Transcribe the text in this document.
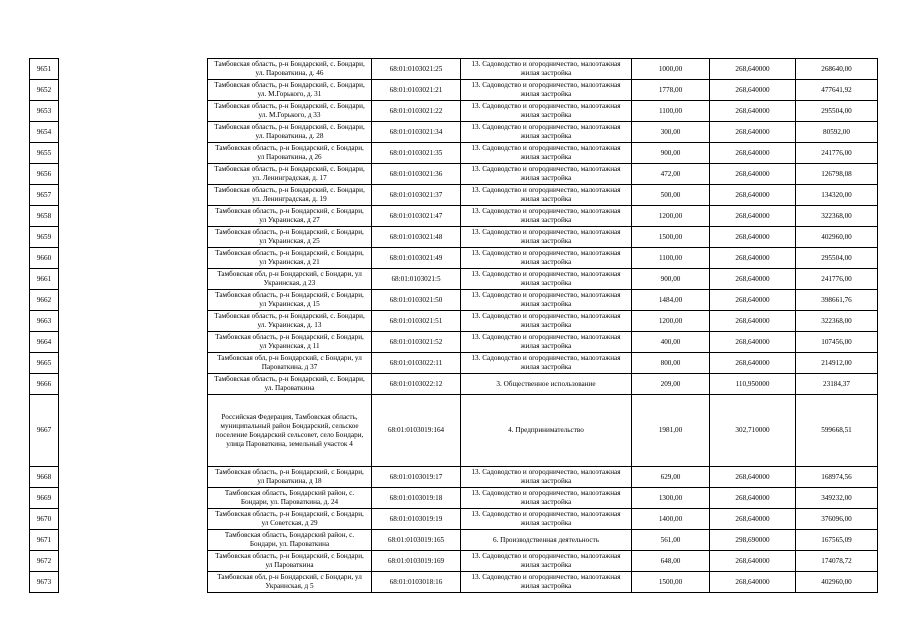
9651		Тамбовская область, р-н Бондарский, с. Бондари, ул. Пароваткина, д. 46	68:01:0103021:25	13. Садоводство и огородничество, малоэтажная жилая застройка	1000,00	268,640000	268640,00
9652		Тамбовская область, р-н Бондарский, с. Бондари, ул. М.Горького, д. 31	68:01:0103021:21	13. Садоводство и огородничество, малоэтажная жилая застройка	1778,00	268,640000	477641,92
9653		Тамбовская область, р-н Бондарский, с. Бондари, ул. М.Горького, д 33	68:01:0103021:22	13. Садоводство и огородничество, малоэтажная жилая застройка	1100,00	268,640000	295504,00
9654		Тамбовская область, р-н Бондарский, с. Бондари, ул. Пароваткина, д. 28	68:01:0103021:34	13. Садоводство и огородничество, малоэтажная жилая застройка	300,00	268,640000	80592,00
9655		Тамбовская область, р-н Бондарский, с Бондари, ул Пароваткина, д 26	68:01:0103021:35	13. Садоводство и огородничество, малоэтажная жилая застройка	900,00	268,640000	241776,00
9656		Тамбовская область, р-н Бондарский, с. Бондари, ул. Ленинградская, д. 17	68:01:0103021:36	13. Садоводство и огородничество, малоэтажная жилая застройка	472,00	268,640000	126798,08
9657		Тамбовская область, р-н Бондарский, с. Бондари, ул. Ленинградская, д. 19	68:01:0103021:37	13. Садоводство и огородничество, малоэтажная жилая застройка	500,00	268,640000	134320,00
9658		Тамбовская область, р-н Бондарский, с Бондари, ул Украинская, д 27	68:01:0103021:47	13. Садоводство и огородничество, малоэтажная жилая застройка	1200,00	268,640000	322368,00
9659		Тамбовская область, р-н Бондарский, с Бондари, ул Украинская, д 25	68:01:0103021:48	13. Садоводство и огородничество, малоэтажная жилая застройка	1500,00	268,640000	402960,00
9660		Тамбовская область, р-н Бондарский, с Бондари, ул Украинская, д 21	68:01:0103021:49	13. Садоводство и огородничество, малоэтажная жилая застройка	1100,00	268,640000	295504,00
9661		Тамбовская обл, р-н Бондарский, с Бондари, ул Украинская, д 23	68:01:0103021:5	13. Садоводство и огородничество, малоэтажная жилая застройка	900,00	268,640000	241776,00
9662		Тамбовская область, р-н Бондарский, с Бондари, ул Украинская, д 15	68:01:0103021:50	13. Садоводство и огородничество, малоэтажная жилая застройка	1484,00	268,640000	398661,76
9663		Тамбовская область, р-н Бондарский, с. Бондари, ул. Украинская, д. 13	68:01:0103021:51	13. Садоводство и огородничество, малоэтажная жилая застройка	1200,00	268,640000	322368,00
9664		Тамбовская область, р-н Бондарский, с Бондари, ул Украинская, д 11	68:01:0103021:52	13. Садоводство и огородничество, малоэтажная жилая застройка	400,00	268,640000	107456,00
9665		Тамбовская обл, р-н Бондарский, с Бондари, ул Пароваткина, д 37	68:01:0103022:11	13. Садоводство и огородничество, малоэтажная жилая застройка	800,00	268,640000	214912,00
9666		Тамбовская область, р-н Бондарский, с. Бондари, ул. Пароваткина	68:01:0103022:12	3. Общественное использование	209,00	110,950000	23184,37
9667		Российская Федерация, Тамбовская область, муниципальный район Бондарский, сельское поселение Бондарский сельсовет, село Бондари, улица Пароваткина, земельный участок 4	68:01:0103019:164	4. Предпринимательство	1981,00	302,710000	599668,51
9668		Тамбовская область, р-н Бондарский, с Бондари, ул Пароваткина, д 18	68:01:0103019:17	13. Садоводство и огородничество, малоэтажная жилая застройка	629,00	268,640000	168974,56
9669		Тамбовская область, Бондарский район, с. Бондари, ул. Пароваткина, д. 24	68:01:0103019:18	13. Садоводство и огородничество, малоэтажная жилая застройка	1300,00	268,640000	349232,00
9670		Тамбовская область, р-н Бондарский, с Бондари, ул Советская, д 29	68:01:0103019:19	13. Садоводство и огородничество, малоэтажная жилая застройка	1400,00	268,640000	376096,00
9671		Тамбовская область, Бондарский район, с. Бондари, ул. Пароваткина	68:01:0103019:165	6. Производственная деятельность	561,00	298,690000	167565,09
9672		Тамбовская область, р-н Бондарский, с Бондари, ул Пароваткина	68:01:0103019:169	13. Садоводство и огородничество, малоэтажная жилая застройка	648,00	268,640000	174078,72
9673		Тамбовская обл, р-н Бондарский, с Бондари, ул Украинская, д 5	68:01:0103018:16	13. Садоводство и огородничество, малоэтажная жилая застройка	1500,00	268,640000	402960,00
